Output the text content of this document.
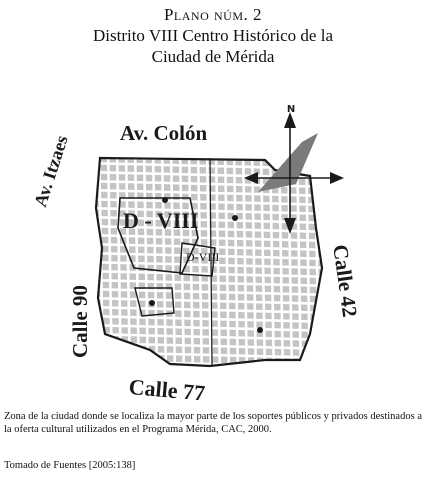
Plano núm. 2
Distrito VIII Centro Histórico de la
Ciudad de Mérida
N
Av. Colón
Av. Itzaes
Calle 90
Calle 42
Calle 77
D - VIII
D-VIII
Zona de la ciudad donde se localiza la mayor parte de los soportes públicos y privados destinados a la oferta cultural utilizados en el Programa Mérida, CAC, 2000.
Tomado de Fuentes [2005:138]
